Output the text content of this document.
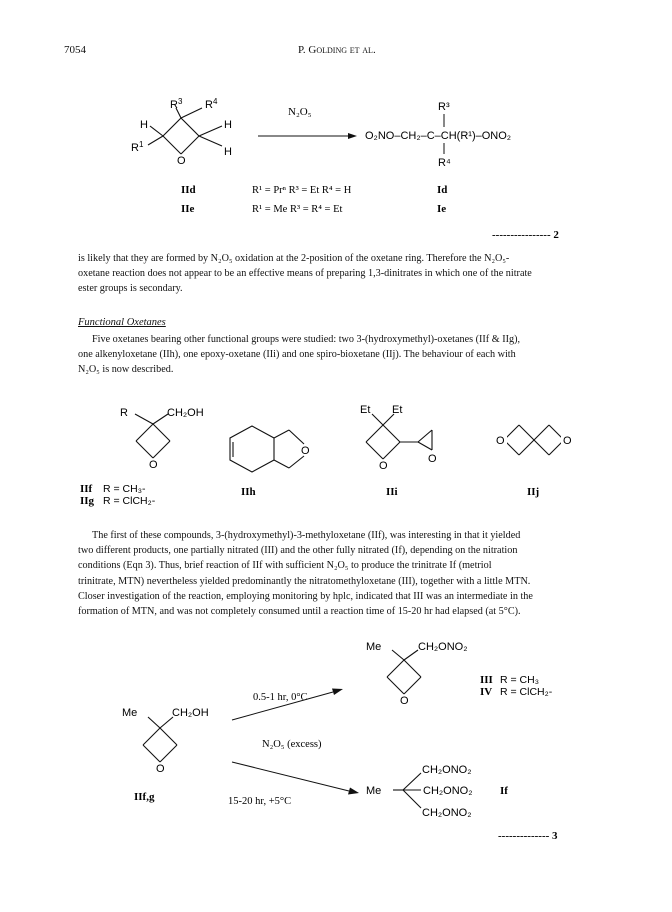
7054	P. Golding et al.
$R^3$ $R^4$
H	H
H
$R^1$
O
N₂O₅	R³
O₂NO–CH₂–C–CH(R¹)–ONO₂
R⁴
IId	R¹ = Prⁿ R³ = Et R⁴ = H	Id
IIe	R¹ = Me R³ = R⁴ = Et	Ie
---------------- 2

is likely that they are formed by N₂O₅ oxidation at the 2-position of the oxetane ring. Therefore the N₂O₅-
oxetane reaction does not appear to be an effective means of preparing 1,3-dinitrates in which one of the nitrate
ester groups is secondary.

Functional Oxetanes

Five oxetanes bearing other functional groups were studied: two 3-(hydroxymethyl)-oxetanes (IIf & IIg),
one alkenyloxetane (IIh), one epoxy-oxetane (IIi) and one spiro-bioxetane (IIj). The behaviour of each with
N₂O₅ is now described.

R	CH₂OH
O
IIf R = CH₃-
IIg R = ClCH₂-
O
IIh
Et Et
O
O
IIi
O	O
IIj

The first of these compounds, 3-(hydroxymethyl)-3-methyloxetane (IIf), was interesting in that it yielded
two different products, one partially nitrated (III) and the other fully nitrated (If), depending on the nitration
conditions (Eqn 3). Thus, brief reaction of IIf with sufficient N₂O₅ to produce the trinitrate If (metriol
trinitrate, MTN) nevertheless yielded predominantly the nitratomethyloxetane (III), together with a little MTN.
Closer investigation of the reaction, employing monitoring by hplc, indicated that III was an intermediate in the
formation of MTN, and was not completely consumed until a reaction time of 15-20 hr had elapsed (at 5°C).

Me	CH₂OH
O
IIf,g
0.5-1 hr, 0°C
N₂O₅ (excess)
15-20 hr, +5°C
Me	CH₂ONO₂
O
III R = CH₃
IV R = ClCH₂-
Me
CH₂ONO₂
CH₂ONO₂
CH₂ONO₂
If
-------------- 3
